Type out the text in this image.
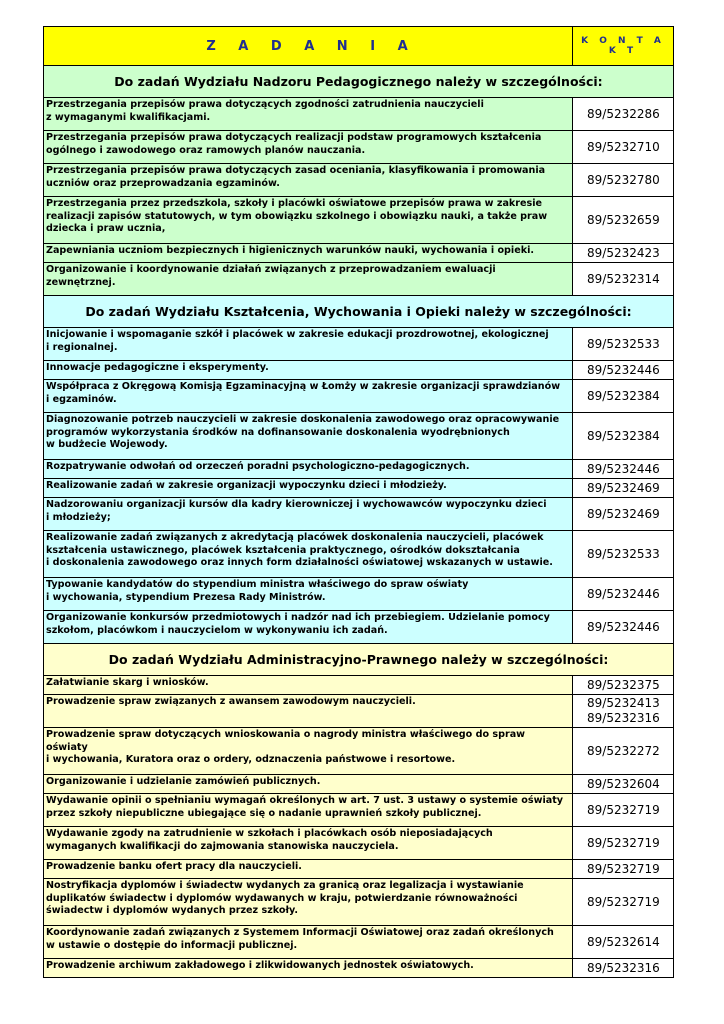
Z A D A N I A	K O N T A K T
Do zadań Wydziału Nadzoru Pedagogicznego należy w szczególności:	
Przestrzegania przepisów prawa dotyczących zgodności zatrudnienia nauczycieli
z wymaganymi kwalifikacjami.	89/5232286
Przestrzegania przepisów prawa dotyczących realizacji podstaw programowych kształcenia
ogólnego i zawodowego oraz ramowych planów nauczania.	89/5232710
Przestrzegania przepisów prawa dotyczących zasad oceniania, klasyfikowania i promowania
uczniów oraz przeprowadzania egzaminów.	89/5232780
Przestrzegania przez przedszkola, szkoły i placówki oświatowe przepisów prawa w zakresie
realizacji zapisów statutowych, w tym obowiązku szkolnego i obowiązku nauki, a także praw
dziecka i praw ucznia,	89/5232659
Zapewniania uczniom bezpiecznych i higienicznych warunków nauki, wychowania i opieki.	89/5232423
Organizowanie i koordynowanie działań związanych z przeprowadzaniem ewaluacji
zewnętrznej.	89/5232314
Do zadań Wydziału Kształcenia, Wychowania i Opieki należy w szczególności:	
Inicjowanie i wspomaganie szkół i placówek w zakresie edukacji prozdrowotnej, ekologicznej
i regionalnej.	89/5232533
Innowacje pedagogiczne i eksperymenty.	89/5232446
Współpraca z Okręgową Komisją Egzaminacyjną w Łomży w zakresie organizacji sprawdzianów
i egzaminów.	89/5232384
Diagnozowanie potrzeb nauczycieli w zakresie doskonalenia zawodowego oraz opracowywanie
programów wykorzystania środków na dofinansowanie doskonalenia wyodrębnionych
w budżecie Wojewody.	89/5232384
Rozpatrywanie odwołań od orzeczeń poradni psychologiczno-pedagogicznych.	89/5232446
Realizowanie zadań w zakresie organizacji wypoczynku dzieci i młodzieży.	89/5232469
Nadzorowaniu organizacji kursów dla kadry kierowniczej i wychowawców wypoczynku dzieci
i młodzieży;	89/5232469
Realizowanie zadań związanych z akredytacją placówek doskonalenia nauczycieli, placówek
kształcenia ustawicznego, placówek kształcenia praktycznego, ośrodków dokształcania
i doskonalenia zawodowego oraz innych form działalności oświatowej wskazanych w ustawie.	89/5232533
Typowanie kandydatów do stypendium ministra właściwego do spraw oświaty
i wychowania, stypendium Prezesa Rady Ministrów.	89/5232446
Organizowanie konkursów przedmiotowych i nadzór nad ich przebiegiem. Udzielanie pomocy
szkołom, placówkom i nauczycielom w wykonywaniu ich zadań.	89/5232446
Do zadań Wydziału Administracyjno-Prawnego należy w szczególności:	
Załatwianie skarg i wniosków.	89/5232375
Prowadzenie spraw związanych z awansem zawodowym nauczycieli.	89/5232413
89/5232316
Prowadzenie spraw dotyczących wnioskowania o nagrody ministra właściwego do spraw
oświaty
i wychowania, Kuratora oraz o ordery, odznaczenia państwowe i resortowe.	89/5232272
Organizowanie i udzielanie zamówień publicznych.	89/5232604
Wydawanie opinii o spełnianiu wymagań określonych w art. 7 ust. 3 ustawy o systemie oświaty
przez szkoły niepubliczne ubiegające się o nadanie uprawnień szkoły publicznej.	89/5232719
Wydawanie zgody na zatrudnienie w szkołach i placówkach osób nieposiadających
wymaganych kwalifikacji do zajmowania stanowiska nauczyciela.	89/5232719
Prowadzenie banku ofert pracy dla nauczycieli.	89/5232719
Nostryfikacja dyplomów i świadectw wydanych za granicą oraz legalizacja i wystawianie
duplikatów świadectw i dyplomów wydawanych w kraju, potwierdzanie równoważności
świadectw i dyplomów wydanych przez szkoły.	89/5232719
Koordynowanie zadań związanych z Systemem Informacji Oświatowej oraz zadań określonych
w ustawie o dostępie do informacji publicznej.	89/5232614
Prowadzenie archiwum zakładowego i zlikwidowanych jednostek oświatowych.	89/5232316
